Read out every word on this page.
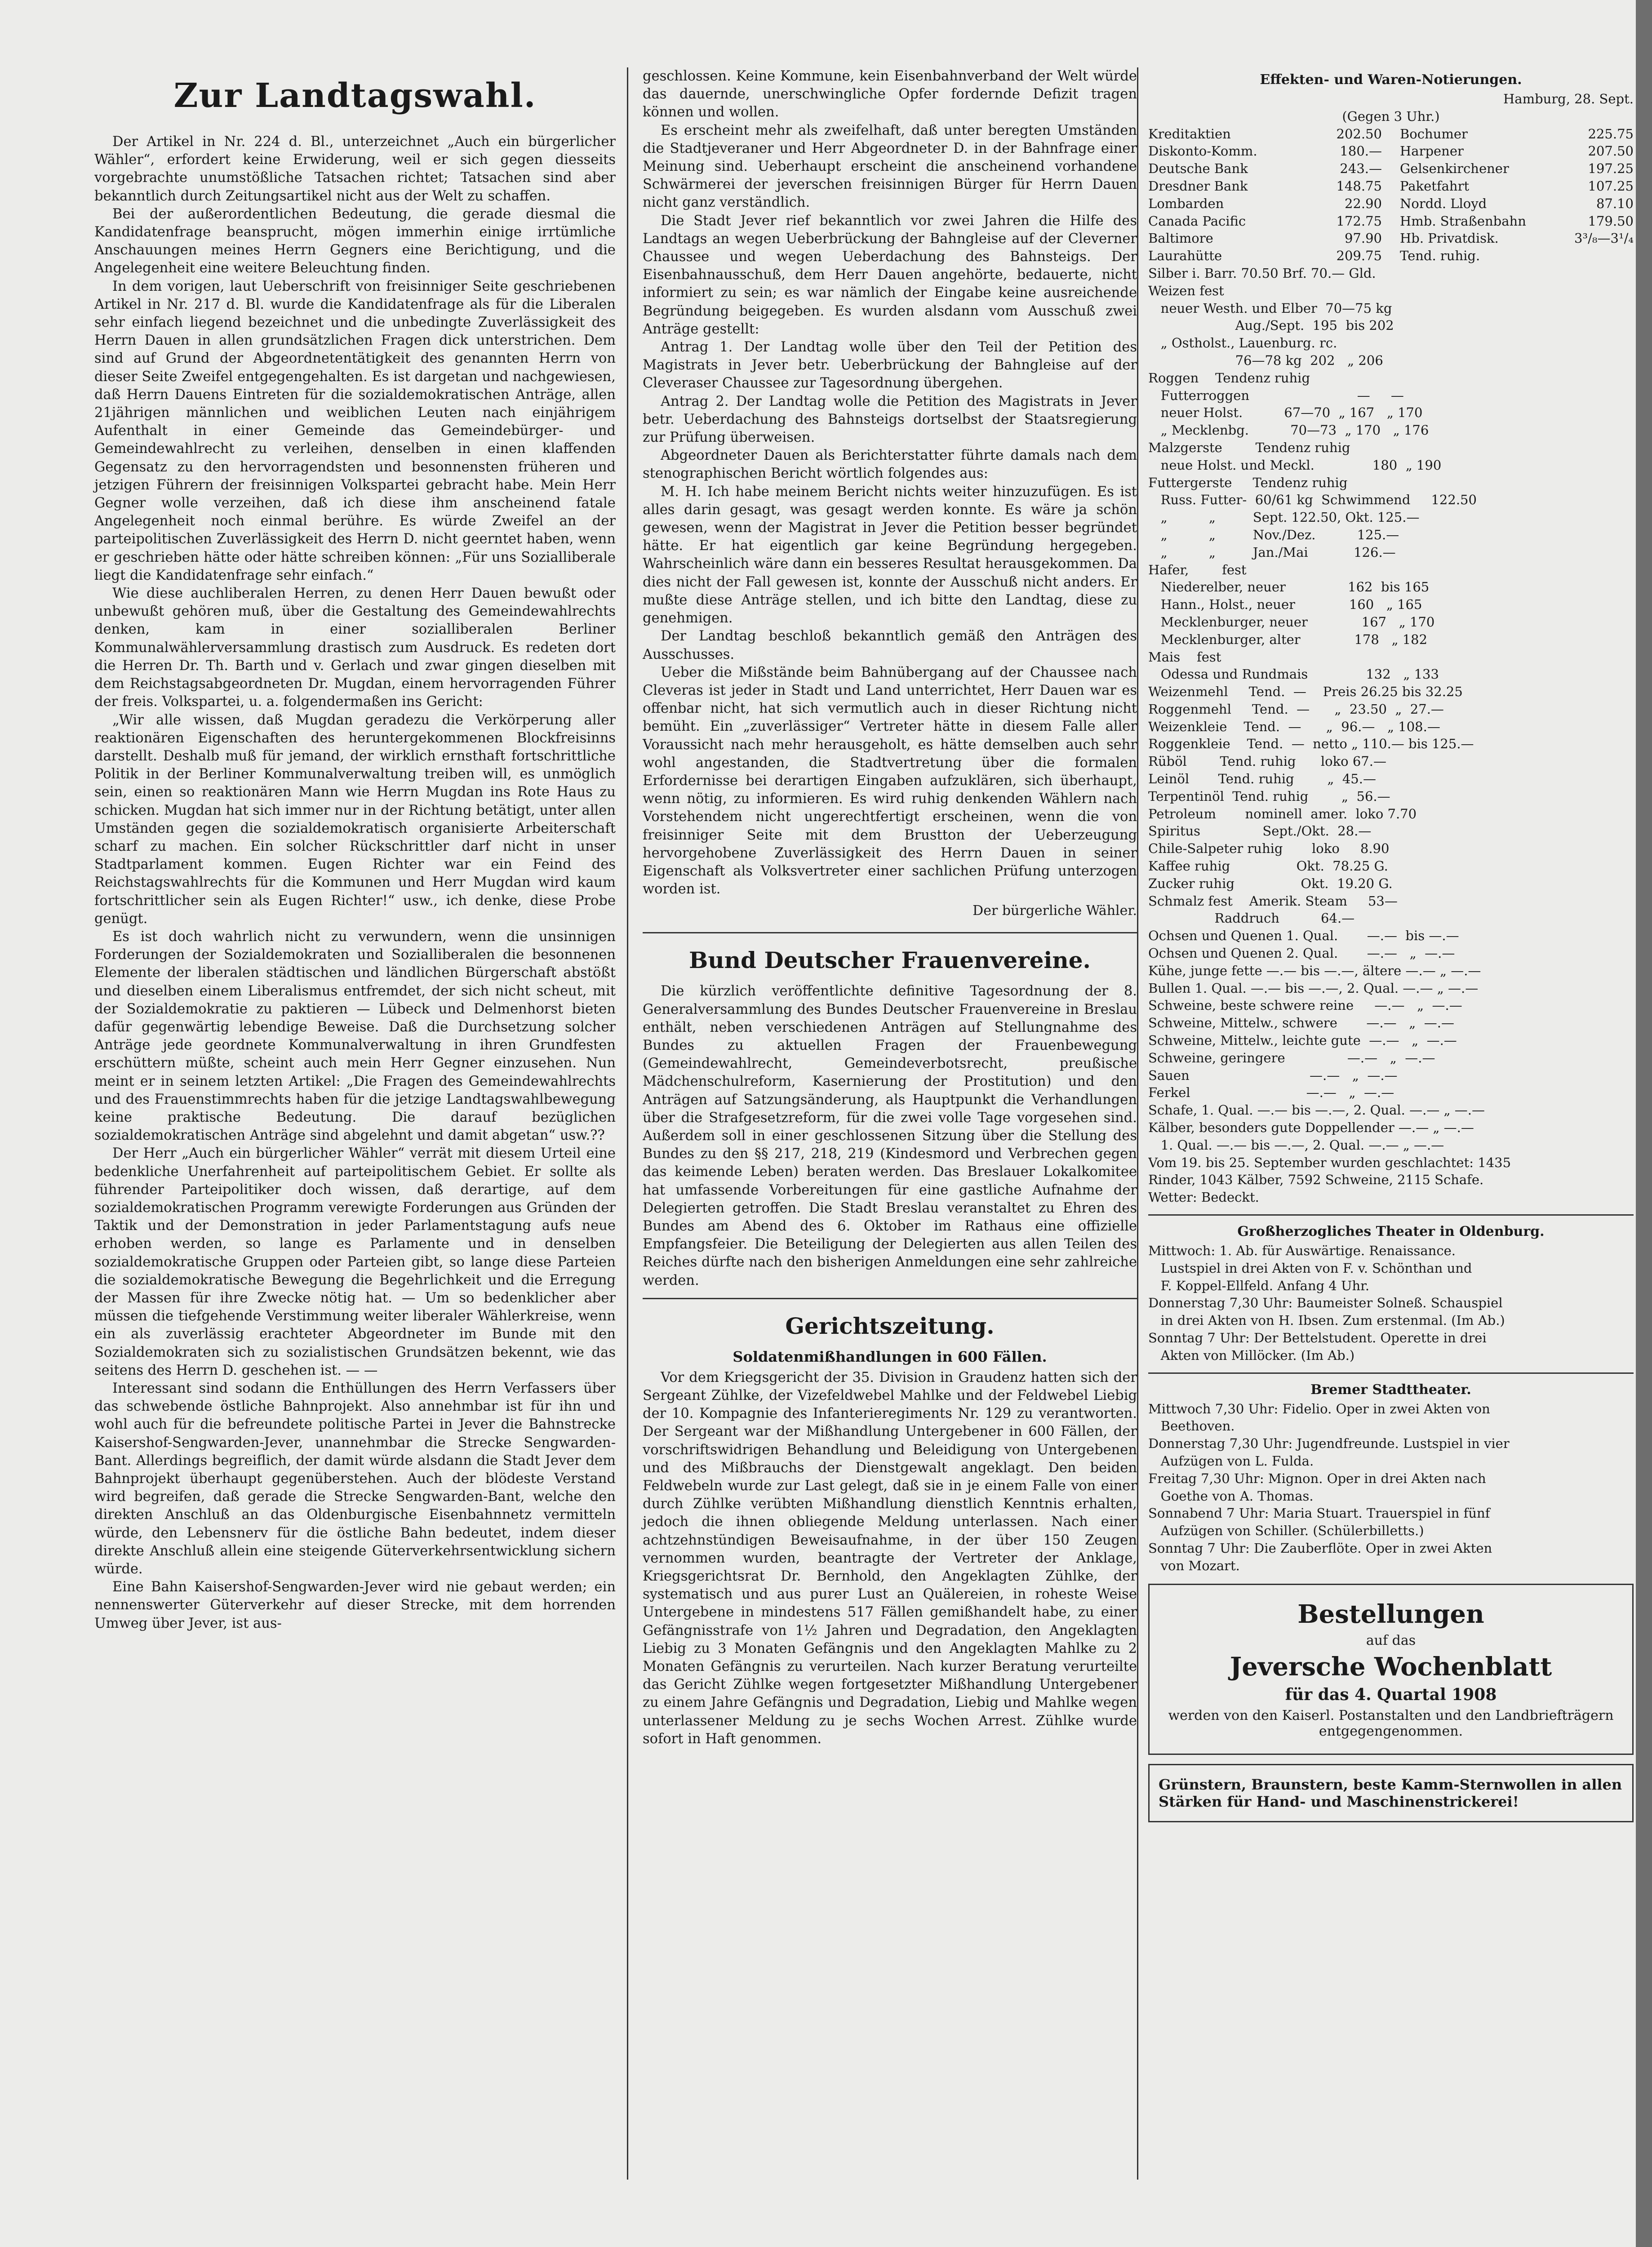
Zur Landtagswahl.

Der Artikel in Nr. 224 d. Bl., unterzeichnet „Auch ein bürgerlicher Wähler“, erfordert keine Erwiderung, weil er sich gegen diesseits vorgebrachte unumstößliche Tatsachen richtet; Tatsachen sind aber bekanntlich durch Zeitungsartikel nicht aus der Welt zu schaffen.

Bei der außerordentlichen Bedeutung, die gerade diesmal die Kandidatenfrage beansprucht, mögen immerhin einige irrtümliche Anschauungen meines Herrn Gegners eine Berichtigung, und die Angelegenheit eine weitere Beleuchtung finden.

In dem vorigen, laut Ueberschrift von freisinniger Seite geschriebenen Artikel in Nr. 217 d. Bl. wurde die Kandidatenfrage als für die Liberalen sehr einfach liegend bezeichnet und die unbedingte Zuverlässigkeit des Herrn Dauen in allen grundsätzlichen Fragen dick unterstrichen. Dem sind auf Grund der Abgeordnetentätigkeit des genannten Herrn von dieser Seite Zweifel entgegengehalten. Es ist dargetan und nachgewiesen, daß Herrn Dauens Eintreten für die sozialdemokratischen Anträge, allen 21jährigen männlichen und weiblichen Leuten nach einjährigem Aufenthalt in einer Gemeinde das Gemeindebürger- und Gemeindewahlrecht zu verleihen, denselben in einen klaffenden Gegensatz zu den hervorragendsten und besonnensten früheren und jetzigen Führern der freisinnigen Volkspartei gebracht habe. Mein Herr Gegner wolle verzeihen, daß ich diese ihm anscheinend fatale Angelegenheit noch einmal berühre. Es würde Zweifel an der parteipolitischen Zuverlässigkeit des Herrn D. nicht geerntet haben, wenn er geschrieben hätte oder hätte schreiben können: „Für uns Sozialliberale liegt die Kandidatenfrage sehr einfach.“

Wie diese auchliberalen Herren, zu denen Herr Dauen bewußt oder unbewußt gehören muß, über die Gestaltung des Gemeindewahlrechts denken, kam in einer sozialliberalen Berliner Kommunalwählerversammlung drastisch zum Ausdruck. Es redeten dort die Herren Dr. Th. Barth und v. Gerlach und zwar gingen dieselben mit dem Reichstagsabgeordneten Dr. Mugdan, einem hervorragenden Führer der freis. Volkspartei, u. a. folgendermaßen ins Gericht:

„Wir alle wissen, daß Mugdan geradezu die Verkörperung aller reaktionären Eigenschaften des heruntergekommenen Blockfreisinns darstellt. Deshalb muß für jemand, der wirklich ernsthaft fortschrittliche Politik in der Berliner Kommunalverwaltung treiben will, es unmöglich sein, einen so reaktionären Mann wie Herrn Mugdan ins Rote Haus zu schicken. Mugdan hat sich immer nur in der Richtung betätigt, unter allen Umständen gegen die sozialdemokratisch organisierte Arbeiterschaft scharf zu machen. Ein solcher Rückschrittler darf nicht in unser Stadtparlament kommen. Eugen Richter war ein Feind des Reichstagswahlrechts für die Kommunen und Herr Mugdan wird kaum fortschrittlicher sein als Eugen Richter!“ usw., ich denke, diese Probe genügt.

Es ist doch wahrlich nicht zu verwundern, wenn die unsinnigen Forderungen der Sozialdemokraten und Sozialliberalen die besonnenen Elemente der liberalen städtischen und ländlichen Bürgerschaft abstößt und dieselben einem Liberalismus entfremdet, der sich nicht scheut, mit der Sozialdemokratie zu paktieren — Lübeck und Delmenhorst bieten dafür gegenwärtig lebendige Beweise. Daß die Durchsetzung solcher Anträge jede geordnete Kommunalverwaltung in ihren Grundfesten erschüttern müßte, scheint auch mein Herr Gegner einzusehen. Nun meint er in seinem letzten Artikel: „Die Fragen des Gemeindewahlrechts und des Frauenstimmrechts haben für die jetzige Landtagswahlbewegung keine praktische Bedeutung. Die darauf bezüglichen sozialdemokratischen Anträge sind abgelehnt und damit abgetan“ usw.??

Der Herr „Auch ein bürgerlicher Wähler“ verrät mit diesem Urteil eine bedenkliche Unerfahrenheit auf parteipolitischem Gebiet. Er sollte als führender Parteipolitiker doch wissen, daß derartige, auf dem sozialdemokratischen Programm verewigte Forderungen aus Gründen der Taktik und der Demonstration in jeder Parlamentstagung aufs neue erhoben werden, so lange es Parlamente und in denselben sozialdemokratische Gruppen oder Parteien gibt, so lange diese Parteien die sozialdemokratische Bewegung die Begehrlichkeit und die Erregung der Massen für ihre Zwecke nötig hat. — Um so bedenklicher aber müssen die tiefgehende Verstimmung weiter liberaler Wählerkreise, wenn ein als zuverlässig erachteter Abgeordneter im Bunde mit den Sozialdemokraten sich zu sozialistischen Grundsätzen bekennt, wie das seitens des Herrn D. geschehen ist. — —

Interessant sind sodann die Enthüllungen des Herrn Verfassers über das schwebende östliche Bahnprojekt. Also annehmbar ist für ihn und wohl auch für die befreundete politische Partei in Jever die Bahnstrecke Kaisershof-Sengwarden-Jever, unannehmbar die Strecke Sengwarden-Bant. Allerdings begreiflich, der damit würde alsdann die Stadt Jever dem Bahnprojekt überhaupt gegenüberstehen. Auch der blödeste Verstand wird begreifen, daß gerade die Strecke Sengwarden-Bant, welche den direkten Anschluß an das Oldenburgische Eisenbahnnetz vermitteln würde, den Lebensnerv für die östliche Bahn bedeutet, indem dieser direkte Anschluß allein eine steigende Güterverkehrsentwicklung sichern würde.

Eine Bahn Kaisershof-Sengwarden-Jever wird nie gebaut werden; ein nennenswerter Güterverkehr auf dieser Strecke, mit dem horrenden Umweg über Jever, ist aus-

geschlossen. Keine Kommune, kein Eisenbahnverband der Welt würde das dauernde, unerschwingliche Opfer fordernde Defizit tragen können und wollen.

Es erscheint mehr als zweifelhaft, daß unter beregten Umständen die Stadtjeveraner und Herr Abgeordneter D. in der Bahnfrage einer Meinung sind. Ueberhaupt erscheint die anscheinend vorhandene Schwärmerei der jeverschen freisinnigen Bürger für Herrn Dauen nicht ganz verständlich.

Die Stadt Jever rief bekanntlich vor zwei Jahren die Hilfe des Landtags an wegen Ueberbrückung der Bahngleise auf der Cleverner Chaussee und wegen Ueberdachung des Bahnsteigs. Der Eisenbahnausschuß, dem Herr Dauen angehörte, bedauerte, nicht informiert zu sein; es war nämlich der Eingabe keine ausreichende Begründung beigegeben. Es wurden alsdann vom Ausschuß zwei Anträge gestellt:

Antrag 1. Der Landtag wolle über den Teil der Petition des Magistrats in Jever betr. Ueberbrückung der Bahngleise auf der Cleveraser Chaussee zur Tagesordnung übergehen.

Antrag 2. Der Landtag wolle die Petition des Magistrats in Jever betr. Ueberdachung des Bahnsteigs dortselbst der Staatsregierung zur Prüfung überweisen.

Abgeordneter Dauen als Berichterstatter führte damals nach dem stenographischen Bericht wörtlich folgendes aus:

M. H. Ich habe meinem Bericht nichts weiter hinzuzufügen. Es ist alles darin gesagt, was gesagt werden konnte. Es wäre ja schön gewesen, wenn der Magistrat in Jever die Petition besser begründet hätte. Er hat eigentlich gar keine Begründung hergegeben. Wahrscheinlich wäre dann ein besseres Resultat herausgekommen. Da dies nicht der Fall gewesen ist, konnte der Ausschuß nicht anders. Er mußte diese Anträge stellen, und ich bitte den Landtag, diese zu genehmigen.

Der Landtag beschloß bekanntlich gemäß den Anträgen des Ausschusses.

Ueber die Mißstände beim Bahnübergang auf der Chaussee nach Cleveras ist jeder in Stadt und Land unterrichtet, Herr Dauen war es offenbar nicht, hat sich vermutlich auch in dieser Richtung nicht bemüht. Ein „zuverlässiger“ Vertreter hätte in diesem Falle aller Voraussicht nach mehr herausgeholt, es hätte demselben auch sehr wohl angestanden, die Stadtvertretung über die formalen Erfordernisse bei derartigen Eingaben aufzuklären, sich überhaupt, wenn nötig, zu informieren. Es wird ruhig denkenden Wählern nach Vorstehendem nicht ungerechtfertigt erscheinen, wenn die von freisinniger Seite mit dem Brustton der Ueberzeugung hervorgehobene Zuverlässigkeit des Herrn Dauen in seiner Eigenschaft als Volksvertreter einer sachlichen Prüfung unterzogen worden ist.

Der bürgerliche Wähler.
Bund Deutscher Frauenvereine.

Die kürzlich veröffentlichte definitive Tagesordnung der 8. Generalversammlung des Bundes Deutscher Frauenvereine in Breslau enthält, neben verschiedenen Anträgen auf Stellungnahme des Bundes zu aktuellen Fragen der Frauenbewegung (Gemeindewahlrecht, Gemeindeverbotsrecht, preußische Mädchenschulreform, Kasernierung der Prostitution) und den Anträgen auf Satzungsänderung, als Hauptpunkt die Verhandlungen über die Strafgesetzreform, für die zwei volle Tage vorgesehen sind. Außerdem soll in einer geschlossenen Sitzung über die Stellung des Bundes zu den §§ 217, 218, 219 (Kindesmord und Verbrechen gegen das keimende Leben) beraten werden. Das Breslauer Lokalkomitee hat umfassende Vorbereitungen für eine gastliche Aufnahme der Delegierten getroffen. Die Stadt Breslau veranstaltet zu Ehren des Bundes am Abend des 6. Oktober im Rathaus eine offizielle Empfangsfeier. Die Beteiligung der Delegierten aus allen Teilen des Reiches dürfte nach den bisherigen Anmeldungen eine sehr zahlreiche werden.

Gerichtszeitung.
Soldatenmißhandlungen in 600 Fällen.

Vor dem Kriegsgericht der 35. Division in Graudenz hatten sich der Sergeant Zühlke, der Vizefeldwebel Mahlke und der Feldwebel Liebig der 10. Kompagnie des Infanterieregiments Nr. 129 zu verantworten. Der Sergeant war der Mißhandlung Untergebener in 600 Fällen, der vorschriftswidrigen Behandlung und Beleidigung von Untergebenen und des Mißbrauchs der Dienstgewalt angeklagt. Den beiden Feldwebeln wurde zur Last gelegt, daß sie in je einem Falle von einer durch Zühlke verübten Mißhandlung dienstlich Kenntnis erhalten, jedoch die ihnen obliegende Meldung unterlassen. Nach einer achtzehnstündigen Beweisaufnahme, in der über 150 Zeugen vernommen wurden, beantragte der Vertreter der Anklage, Kriegsgerichtsrat Dr. Bernhold, den Angeklagten Zühlke, der systematisch und aus purer Lust an Quälereien, in roheste Weise Untergebene in mindestens 517 Fällen gemißhandelt habe, zu einer Gefängnisstrafe von 1½ Jahren und Degradation, den Angeklagten Liebig zu 3 Monaten Gefängnis und den Angeklagten Mahlke zu 2 Monaten Gefängnis zu verurteilen. Nach kurzer Beratung verurteilte das Gericht Zühlke wegen fortgesetzter Mißhandlung Untergebener zu einem Jahre Gefängnis und Degradation, Liebig und Mahlke wegen unterlassener Meldung zu je sechs Wochen Arrest. Zühlke wurde sofort in Haft genommen.

Effekten- und Waren-Notierungen.
Hamburg, 28. Sept.
(Gegen 3 Uhr.)
Kreditaktien	202.50	Bochumer	225.75
Diskonto-Komm.	180.—	Harpener	207.50
Deutsche Bank	243.—	Gelsenkirchener	197.25
Dresdner Bank	148.75	Paketfahrt	107.25
Lombarden	22.90	Nordd. Lloyd	87.10
Canada Pacific	172.75	Hmb. Straßenbahn	179.50
Baltimore	97.90	Hb. Privatdisk.	3³/₈—3¹/₄
Laurahütte	209.75	Tend. ruhig.
Silber i. Barr. 70.50 Brf. 70.— Gld.
Weizen fest
neuer Westh. und Elber  70—75 kg
Aug./Sept.  195  bis 202
„ Ostholst., Lauenburg. rc.
76—78 kg  202   „ 206
Roggen    Tendenz ruhig
Futterroggen                          —     —
neuer Holst.          67—70  „ 167   „ 170
„ Mecklenbg.          70—73  „ 170   „ 176
Malzgerste        Tendenz ruhig
neue Holst. und Meckl.              180  „ 190
Futtergerste     Tendenz ruhig
Russ. Futter-  60/61 kg  Schwimmend     122.50
„          „         Sept. 122.50, Okt. 125.—
„          „         Nov./Dez.          125.—
„          „         Jan./Mai           126.—
Hafer,        fest
Niederelber, neuer               162  bis 165
Hann., Holst., neuer             160   „ 165
Mecklenburger, neuer             167   „ 170
Mecklenburger, alter             178   „ 182
Mais    fest
Odessa und Rundmais              132   „ 133
Weizenmehl     Tend.  —    Preis 26.25 bis 32.25
Roggenmehl     Tend.  —      „  23.50  „  27.—
Weizenkleie    Tend.  —      „  96.—   „ 108.—
Roggenkleie    Tend.  —  netto „ 110.— bis 125.—
Rüböl        Tend. ruhig      loko 67.—
Leinöl       Tend. ruhig        „  45.—
Terpentinöl  Tend. ruhig        „  56.—
Petroleum       nominell  amer.  loko 7.70
Spiritus               Sept./Okt.  28.—
Chile-Salpeter ruhig       loko     8.90
Kaffee ruhig                Okt.  78.25 G.
Zucker ruhig                Okt.  19.20 G.
Schmalz fest    Amerik. Steam     53—
Raddruch          64.—
Ochsen und Quenen 1. Qual.       —.—  bis —.—
Ochsen und Quenen 2. Qual.       —.—   „  —.—
Kühe, junge fette —.— bis —.—, ältere —.— „ —.—
Bullen 1. Qual. —.— bis —.—, 2. Qual. —.— „ —.—
Schweine, beste schwere reine     —.—   „  —.—
Schweine, Mittelw., schwere       —.—   „  —.—
Schweine, Mittelw., leichte gute  —.—   „  —.—
Schweine, geringere               —.—   „  —.—
Sauen                             —.—   „  —.—
Ferkel                            —.—   „  —.—
Schafe, 1. Qual. —.— bis —.—, 2. Qual. —.— „ —.—
Kälber, besonders gute Doppellender —.— „ —.—
1. Qual. —.— bis —.—, 2. Qual. —.— „ —.—
Vom 19. bis 25. September wurden geschlachtet: 1435
Rinder, 1043 Kälber, 7592 Schweine, 2115 Schafe.
Wetter: Bedeckt.
Großherzogliches Theater in Oldenburg.
Mittwoch: 1. Ab. für Auswärtige. Renaissance.
Lustspiel in drei Akten von F. v. Schönthan und
F. Koppel-Ellfeld. Anfang 4 Uhr.
Donnerstag 7,30 Uhr: Baumeister Solneß. Schauspiel
in drei Akten von H. Ibsen. Zum erstenmal. (Im Ab.)
Sonntag 7 Uhr: Der Bettelstudent. Operette in drei
Akten von Millöcker. (Im Ab.)
Bremer Stadttheater.
Mittwoch 7,30 Uhr: Fidelio. Oper in zwei Akten von
Beethoven.
Donnerstag 7,30 Uhr: Jugendfreunde. Lustspiel in vier
Aufzügen von L. Fulda.
Freitag 7,30 Uhr: Mignon. Oper in drei Akten nach
Goethe von A. Thomas.
Sonnabend 7 Uhr: Maria Stuart. Trauerspiel in fünf
Aufzügen von Schiller. (Schülerbilletts.)
Sonntag 7 Uhr: Die Zauberflöte. Oper in zwei Akten
von Mozart.
Bestellungen
auf das
Jeversche Wochenblatt
für das 4. Quartal 1908
werden von den Kaiserl. Postanstalten und den Landbriefträgern entgegengenommen.
Grünstern, Braunstern, beste Kamm-Sternwollen in allen Stärken für Hand- und Maschinenstrickerei!
